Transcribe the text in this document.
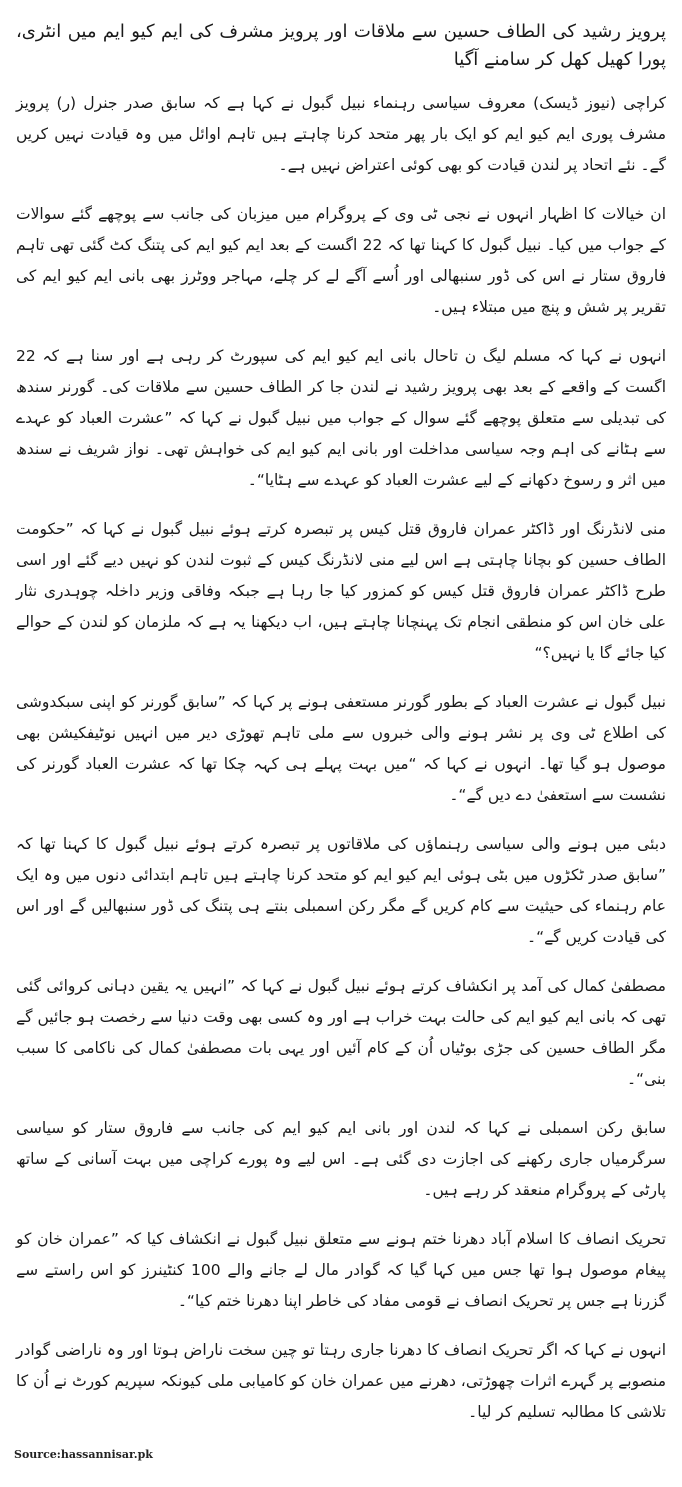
پرویز رشید کی الطاف حسین سے ملاقات اور پرویز مشرف کی ایم کیو ایم میں انٹری، پورا کھیل کھل کر سامنے آگیا

کراچی (نیوز ڈیسک) معروف سیاسی رہنماء نبیل گبول نے کہا ہے کہ سابق صدر جنرل (ر) پرویز مشرف پوری ایم کیو ایم کو ایک بار پھر متحد کرنا چاہتے ہیں تاہم اوائل میں وہ قیادت نہیں کریں گے۔ نئے اتحاد پر لندن قیادت کو بھی کوئی اعتراض نہیں ہے۔

ان خیالات کا اظہار انہوں نے نجی ٹی وی کے پروگرام میں میزبان کی جانب سے پوچھے گئے سوالات کے جواب میں کیا۔ نبیل گبول کا کہنا تھا کہ 22 اگست کے بعد ایم کیو ایم کی پتنگ کٹ گئی تھی تاہم فاروق ستار نے اس کی ڈور سنبھالی اور اُسے آگے لے کر چلے، مہاجر ووٹرز بھی بانی ایم کیو ایم کی تقریر پر شش و پنچ میں مبتلاء ہیں۔

انہوں نے کہا کہ مسلم لیگ ن تاحال بانی ایم کیو ایم کی سپورٹ کر رہی ہے اور سنا ہے کہ 22 اگست کے واقعے کے بعد بھی پرویز رشید نے لندن جا کر الطاف حسین سے ملاقات کی۔ گورنر سندھ کی تبدیلی سے متعلق پوچھے گئے سوال کے جواب میں نبیل گبول نے کہا کہ ”عشرت العباد کو عہدے سے ہٹانے کی اہم وجہ سیاسی مداخلت اور بانی ایم کیو ایم کی خواہش تھی۔ نواز شریف نے سندھ میں اثر و رسوخ دکھانے کے لیے عشرت العباد کو عہدے سے ہٹایا“۔

منی لانڈرنگ اور ڈاکٹر عمران فاروق قتل کیس پر تبصرہ کرتے ہوئے نبیل گبول نے کہا کہ ”حکومت الطاف حسین کو بچانا چاہتی ہے اس لیے منی لانڈرنگ کیس کے ثبوت لندن کو نہیں دیے گئے اور اسی طرح ڈاکٹر عمران فاروق قتل کیس کو کمزور کیا جا رہا ہے جبکہ وفاقی وزیر داخلہ چوہدری نثار علی خان اس کو منطقی انجام تک پہنچانا چاہتے ہیں، اب دیکھنا یہ ہے کہ ملزمان کو لندن کے حوالے کیا جائے گا یا نہیں؟“

نبیل گبول نے عشرت العباد کے بطور گورنر مستعفی ہونے پر کہا کہ ”سابق گورنر کو اپنی سبکدوشی کی اطلاع ٹی وی پر نشر ہونے والی خبروں سے ملی تاہم تھوڑی دیر میں انہیں نوٹیفکیشن بھی موصول ہو گیا تھا۔ انہوں نے کہا کہ “میں بہت پہلے ہی کہہ چکا تھا کہ عشرت العباد گورنر کی نشست سے استعفیٰ دے دیں گے“۔

دبئی میں ہونے والی سیاسی رہنماؤں کی ملاقاتوں پر تبصرہ کرتے ہوئے نبیل گبول کا کہنا تھا کہ ”سابق صدر ٹکڑوں میں بٹی ہوئی ایم کیو ایم کو متحد کرنا چاہتے ہیں تاہم ابتدائی دنوں میں وہ ایک عام رہنماء کی حیثیت سے کام کریں گے مگر رکن اسمبلی بنتے ہی پتنگ کی ڈور سنبھالیں گے اور اس کی قیادت کریں گے“۔

مصطفیٰ کمال کی آمد پر انکشاف کرتے ہوئے نبیل گبول نے کہا کہ ”انہیں یہ یقین دہانی کروائی گئی تھی کہ بانی ایم کیو ایم کی حالت بہت خراب ہے اور وہ کسی بھی وقت دنیا سے رخصت ہو جائیں گے مگر الطاف حسین کی جڑی بوٹیاں اُن کے کام آئیں اور یہی بات مصطفیٰ کمال کی ناکامی کا سبب بنی“۔

سابق رکن اسمبلی نے کہا کہ لندن اور بانی ایم کیو ایم کی جانب سے فاروق ستار کو سیاسی سرگرمیاں جاری رکھنے کی اجازت دی گئی ہے۔ اس لیے وہ پورے کراچی میں بہت آسانی کے ساتھ پارٹی کے پروگرام منعقد کر رہے ہیں۔

تحریک انصاف کا اسلام آباد دھرنا ختم ہونے سے متعلق نبیل گبول نے انکشاف کیا کہ ”عمران خان کو پیغام موصول ہوا تھا جس میں کہا گیا کہ گوادر مال لے جانے والے 100 کنٹینرز کو اس راستے سے گزرنا ہے جس پر تحریک انصاف نے قومی مفاد کی خاطر اپنا دھرنا ختم کیا“۔

انہوں نے کہا کہ اگر تحریک انصاف کا دھرنا جاری رہتا تو چین سخت ناراض ہوتا اور وہ ناراضی گوادر منصوبے پر گہرے اثرات چھوڑتی، دھرنے میں عمران خان کو کامیابی ملی کیونکہ سپریم کورٹ نے اُن کا تلاشی کا مطالبہ تسلیم کر لیا۔

Source:hassannisar.pk
